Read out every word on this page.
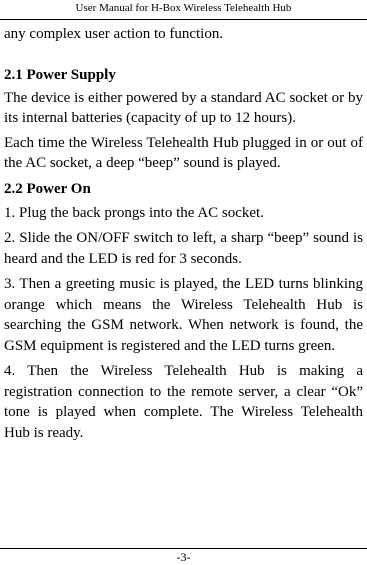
User Manual for H-Box Wireless Telehealth Hub

any complex user action to function.

2.1 Power Supply

The device is either powered by a standard AC socket or by its internal batteries (capacity of up to 12 hours).

Each time the Wireless Telehealth Hub plugged in or out of the AC socket, a deep “beep” sound is played.

2.2 Power On

1. Plug the back prongs into the AC socket.

2. Slide the ON/OFF switch to left, a sharp “beep” sound is heard and the LED is red for 3 seconds.

3. Then a greeting music is played, the LED turns blinking orange which means the Wireless Telehealth Hub is searching the GSM network. When network is found, the GSM equipment is registered and the LED turns green.

4. Then the Wireless Telehealth Hub is making a registration connection to the remote server, a clear “Ok” tone is played when complete. The Wireless Telehealth Hub is ready.

-3-
